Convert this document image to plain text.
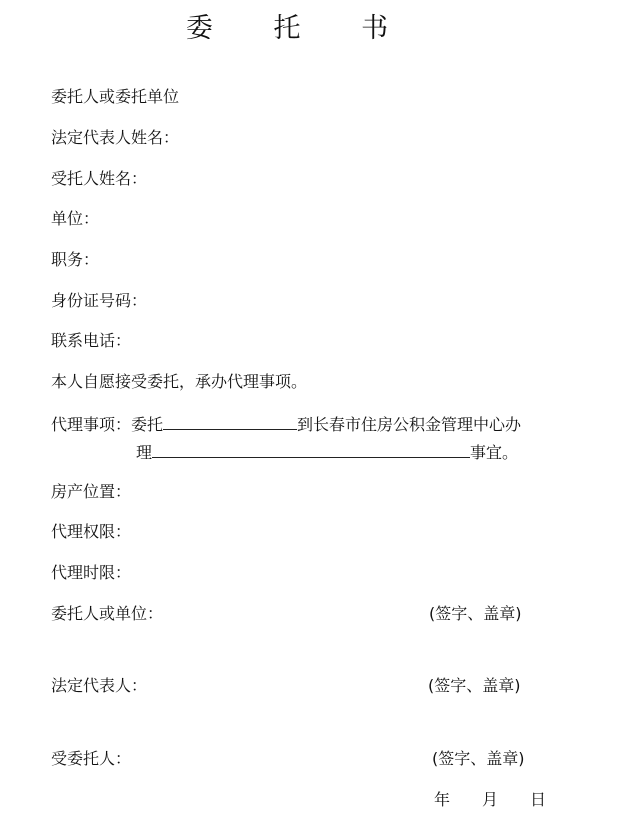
委 托 书
委托人或委托单位
法定代表人姓名：
受托人姓名：
单位：
职务：
身份证号码：
联系电话：
本人自愿接受委托，承办代理事项。
代理事项：委托	到长春市住房公积金管理中心办
理	事宜。
房产位置：
代理权限：
代理时限：
委托人或单位：	(签字、盖章)
法定代表人：	(签字、盖章)
受委托人：	(签字、盖章)
年 月 日
